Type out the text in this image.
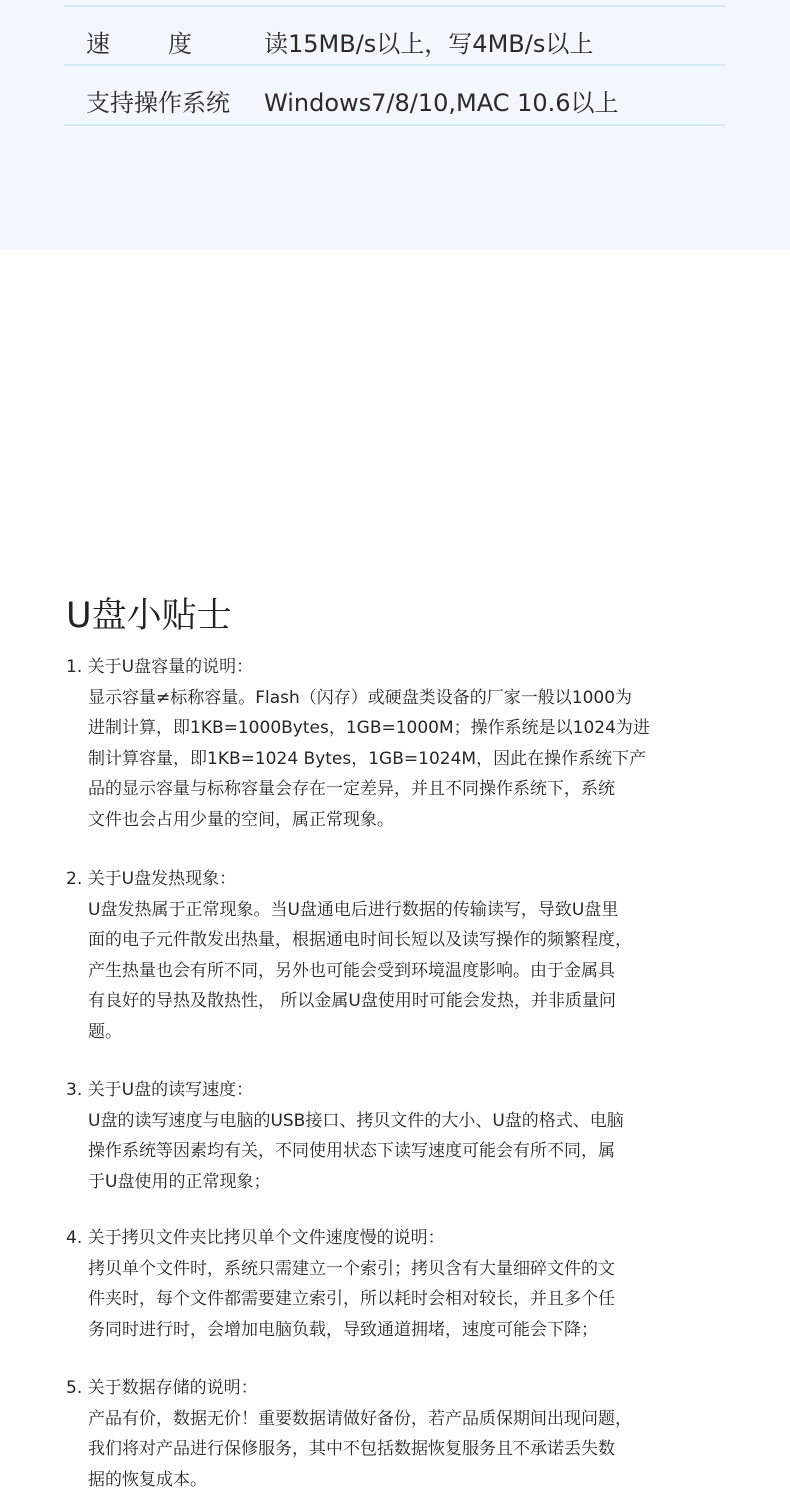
速度 读15MB/s以上，写4MB/s以上
支持操作系统	Windows7/8/10,MAC 10.6以上
U盘小贴士
1. 关于U盘容量的说明：
显示容量≠标称容量。Flash（闪存）或硬盘类设备的厂家一般以1000为
进制计算，即1KB=1000Bytes，1GB=1000M；操作系统是以1024为进
制计算容量，即1KB=1024 Bytes，1GB=1024M，因此在操作系统下产
品的显示容量与标称容量会存在一定差异，并且不同操作系统下，系统
文件也会占用少量的空间，属正常现象。
2. 关于U盘发热现象：
U盘发热属于正常现象。当U盘通电后进行数据的传输读写，导致U盘里
面的电子元件散发出热量，根据通电时间长短以及读写操作的频繁程度，
产生热量也会有所不同，另外也可能会受到环境温度影响。由于金属具
有良好的导热及散热性， 所以金属U盘使用时可能会发热，并非质量问
题。
3. 关于U盘的读写速度：
U盘的读写速度与电脑的USB接口、拷贝文件的大小、U盘的格式、电脑
操作系统等因素均有关，不同使用状态下读写速度可能会有所不同，属
于U盘使用的正常现象；
4. 关于拷贝文件夹比拷贝单个文件速度慢的说明：
拷贝单个文件时，系统只需建立一个索引；拷贝含有大量细碎文件的文
件夹时，每个文件都需要建立索引，所以耗时会相对较长，并且多个任
务同时进行时，会增加电脑负载，导致通道拥堵，速度可能会下降；
5. 关于数据存储的说明：
产品有价，数据无价！重要数据请做好备份，若产品质保期间出现问题，
我们将对产品进行保修服务，其中不包括数据恢复服务且不承诺丢失数
据的恢复成本。
